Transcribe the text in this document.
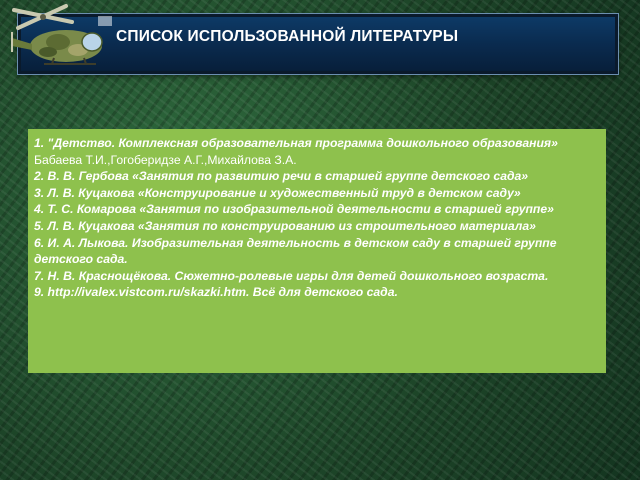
СПИСОК ИСПОЛЬЗОВАННОЙ ЛИТЕРАТУРЫ
1. "Детство. Комплексная образовательная программа дошкольного образования» Бабаева Т.И.,Гогоберидзе А.Г.,Михайлова З.А.
2. В. В. Гербова «Занятия по развитию речи в старшей группе детского сада»
3. Л. В. Куцакова «Конструирование и художественный труд в детском саду»
4. Т. С. Комарова «Занятия по изобразительной деятельности в старшей группе»
5. Л. В. Куцакова «Занятия по конструированию из строительного материала»
6. И. А. Лыкова. Изобразительная деятельность в детском саду в старшей группе детского сада.
7. Н. В. Краснощёкова. Сюжетно-ролевые игры для детей дошкольного возраста.
9. http://ivalex.vistcom.ru/skazki.htm. Всё для детского сада.
